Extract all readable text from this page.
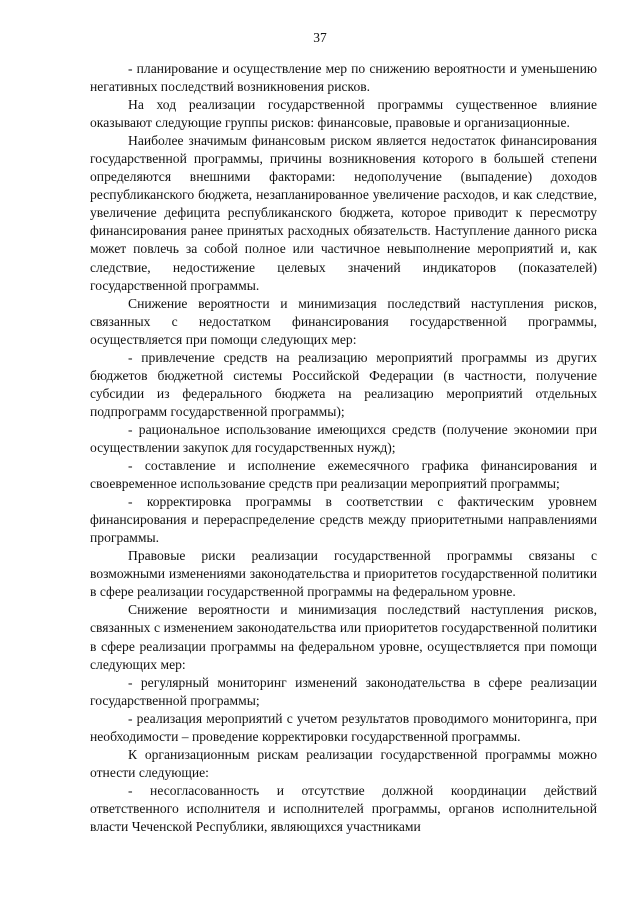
37

- планирование и осуществление мер по снижению вероятности и уменьшению негативных последствий возникновения рисков.

На ход реализации государственной программы существенное влияние оказывают следующие группы рисков: финансовые, правовые и организационные.

Наиболее значимым финансовым риском является недостаток финансирования государственной программы, причины возникновения которого в большей степени определяются внешними факторами: недополучение (выпадение) доходов республиканского бюджета, незапланированное увеличение расходов, и как следствие, увеличение дефицита республиканского бюджета, которое приводит к пересмотру финансирования ранее принятых расходных обязательств. Наступление данного риска может повлечь за собой полное или частичное невыполнение мероприятий и, как следствие, недостижение целевых значений индикаторов (показателей) государственной программы.

Снижение вероятности и минимизация последствий наступления рисков, связанных с недостатком финансирования государственной программы, осуществляется при помощи следующих мер:

- привлечение средств на реализацию мероприятий программы из других бюджетов бюджетной системы Российской Федерации (в частности, получение субсидии из федерального бюджета на реализацию мероприятий отдельных подпрограмм государственной программы);

- рациональное использование имеющихся средств (получение экономии при осуществлении закупок для государственных нужд);

- составление и исполнение ежемесячного графика финансирования и своевременное использование средств при реализации мероприятий программы;

- корректировка программы в соответствии с фактическим уровнем финансирования и перераспределение средств между приоритетными направлениями программы.

Правовые риски реализации государственной программы связаны с возможными изменениями законодательства и приоритетов государственной политики в сфере реализации государственной программы на федеральном уровне.

Снижение вероятности и минимизация последствий наступления рисков, связанных с изменением законодательства или приоритетов государственной политики в сфере реализации программы на федеральном уровне, осуществляется при помощи следующих мер:

- регулярный мониторинг изменений законодательства в сфере реализации государственной программы;

- реализация мероприятий с учетом результатов проводимого мониторинга, при необходимости – проведение корректировки государственной программы.

К организационным рискам реализации государственной программы можно отнести следующие:

- несогласованность и отсутствие должной координации действий ответственного исполнителя и исполнителей программы, органов исполнительной власти Чеченской Республики, являющихся участниками
